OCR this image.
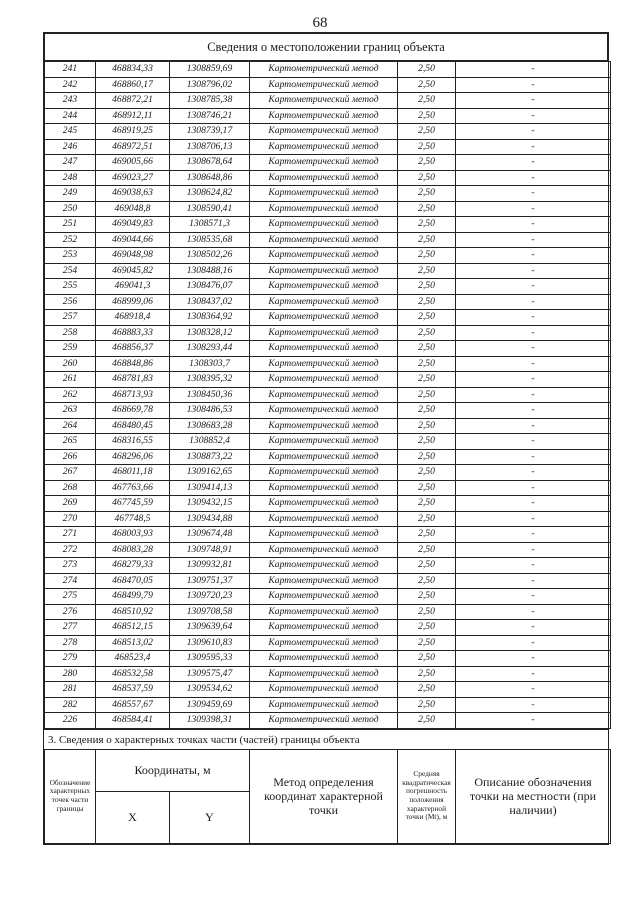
68
Сведения о местоположении границ объекта
241	468834,33	1308859,69	Картометрический метод	2,50	-
242	468860,17	1308796,02	Картометрический метод	2,50	-
243	468872,21	1308785,38	Картометрический метод	2,50	-
244	468912,11	1308746,21	Картометрический метод	2,50	-
245	468919,25	1308739,17	Картометрический метод	2,50	-
246	468972,51	1308706,13	Картометрический метод	2,50	-
247	469005,66	1308678,64	Картометрический метод	2,50	-
248	469023,27	1308648,86	Картометрический метод	2,50	-
249	469038,63	1308624,82	Картометрический метод	2,50	-
250	469048,8	1308590,41	Картометрический метод	2,50	-
251	469049,83	1308571,3	Картометрический метод	2,50	-
252	469044,66	1308535,68	Картометрический метод	2,50	-
253	469048,98	1308502,26	Картометрический метод	2,50	-
254	469045,82	1308488,16	Картометрический метод	2,50	-
255	469041,3	1308476,07	Картометрический метод	2,50	-
256	468999,06	1308437,02	Картометрический метод	2,50	-
257	468918,4	1308364,92	Картометрический метод	2,50	-
258	468883,33	1308328,12	Картометрический метод	2,50	-
259	468856,37	1308293,44	Картометрический метод	2,50	-
260	468848,86	1308303,7	Картометрический метод	2,50	-
261	468781,83	1308395,32	Картометрический метод	2,50	-
262	468713,93	1308450,36	Картометрический метод	2,50	-
263	468669,78	1308486,53	Картометрический метод	2,50	-
264	468480,45	1308683,28	Картометрический метод	2,50	-
265	468316,55	1308852,4	Картометрический метод	2,50	-
266	468296,06	1308873,22	Картометрический метод	2,50	-
267	468011,18	1309162,65	Картометрический метод	2,50	-
268	467763,66	1309414,13	Картометрический метод	2,50	-
269	467745,59	1309432,15	Картометрический метод	2,50	-
270	467748,5	1309434,88	Картометрический метод	2,50	-
271	468003,93	1309674,48	Картометрический метод	2,50	-
272	468083,28	1309748,91	Картометрический метод	2,50	-
273	468279,33	1309932,81	Картометрический метод	2,50	-
274	468470,05	1309751,37	Картометрический метод	2,50	-
275	468499,79	1309720,23	Картометрический метод	2,50	-
276	468510,92	1309708,58	Картометрический метод	2,50	-
277	468512,15	1309639,64	Картометрический метод	2,50	-
278	468513,02	1309610,83	Картометрический метод	2,50	-
279	468523,4	1309595,33	Картометрический метод	2,50	-
280	468532,58	1309575,47	Картометрический метод	2,50	-
281	468537,59	1309534,62	Картометрический метод	2,50	-
282	468557,67	1309459,69	Картометрический метод	2,50	-
226	468584,41	1309398,31	Картометрический метод	2,50	-
3. Сведения о характерных точках части (частей) границы объекта
Обозначение характерных точек части границы	Координаты, м		Метод определения координат характерной точки	Средняя квадратическая погрешность положения характерной точки (Mt), м	Описание обозначения точки на местности (при наличии)
	X	Y			
